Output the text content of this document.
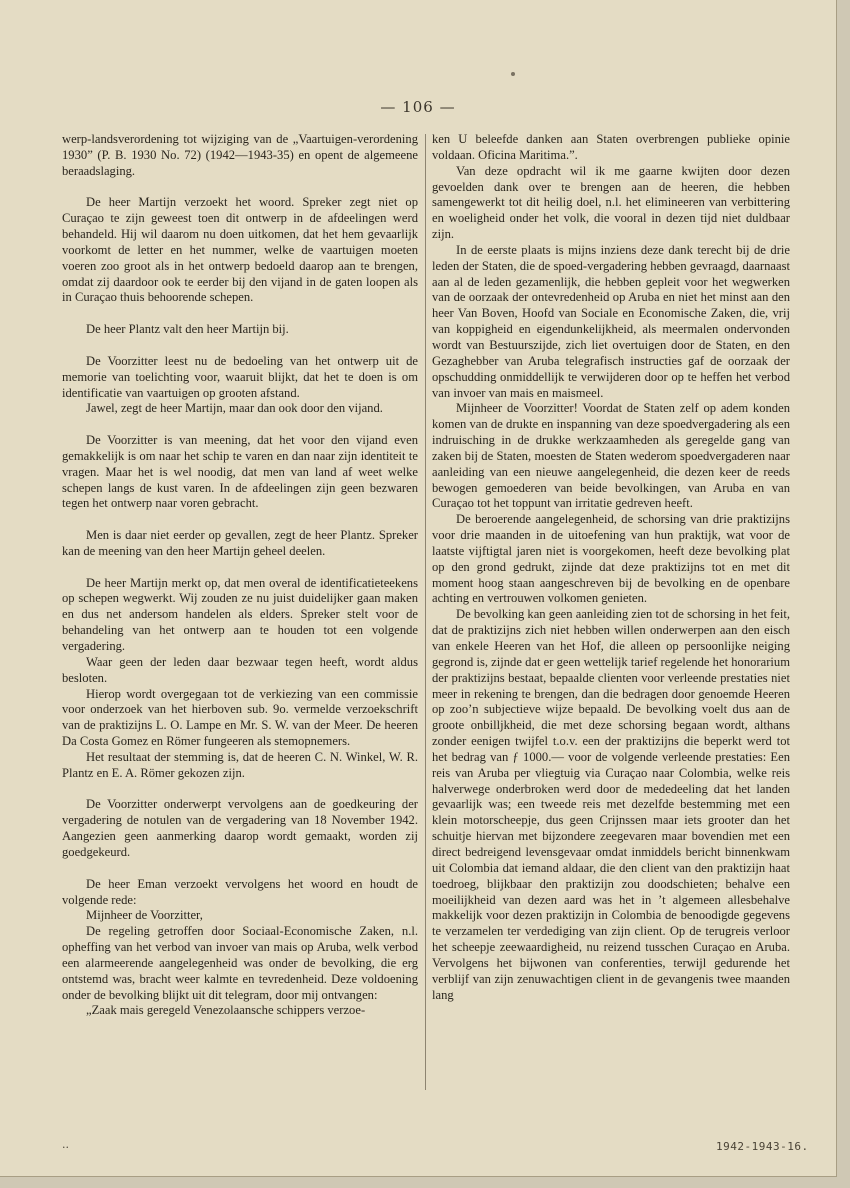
— 106 —

werp-landsverordening tot wijziging van de „Vaartuigen-verordening 1930” (P. B. 1930 No. 72) (1942—1943-35) en opent de algemeene beraadslaging.

De heer Martijn verzoekt het woord. Spreker zegt niet op Curaçao te zijn geweest toen dit ontwerp in de afdeelingen werd behandeld. Hij wil daarom nu doen uitkomen, dat het hem gevaarlijk voorkomt de letter en het nummer, welke de vaartuigen moeten voeren zoo groot als in het ontwerp bedoeld daarop aan te brengen, omdat zij daardoor ook te eerder bij den vijand in de gaten loopen als in Curaçao thuis behoorende schepen.

De heer Plantz valt den heer Martijn bij.

De Voorzitter leest nu de bedoeling van het ontwerp uit de memorie van toelichting voor, waaruit blijkt, dat het te doen is om identificatie van vaartuigen op grooten afstand.

Jawel, zegt de heer Martijn, maar dan ook door den vijand.

De Voorzitter is van meening, dat het voor den vijand even gemakkelijk is om naar het schip te varen en dan naar zijn identiteit te vragen. Maar het is wel noodig, dat men van land af weet welke schepen langs de kust varen. In de afdeelingen zijn geen bezwaren tegen het ontwerp naar voren gebracht.

Men is daar niet eerder op gevallen, zegt de heer Plantz. Spreker kan de meening van den heer Martijn geheel deelen.

De heer Martijn merkt op, dat men overal de identificatieteekens op schepen wegwerkt. Wij zouden ze nu juist duidelijker gaan maken en dus net andersom handelen als elders. Spreker stelt voor de behandeling van het ontwerp aan te houden tot een volgende vergadering.

Waar geen der leden daar bezwaar tegen heeft, wordt aldus besloten.

Hierop wordt overgegaan tot de verkiezing van een commissie voor onderzoek van het hierboven sub. 9o. vermelde verzoekschrift van de praktizijns L. O. Lampe en Mr. S. W. van der Meer. De heeren Da Costa Gomez en Römer fungeeren als stemopnemers.

Het resultaat der stemming is, dat de heeren C. N. Winkel, W. R. Plantz en E. A. Römer gekozen zijn.

De Voorzitter onderwerpt vervolgens aan de goedkeuring der vergadering de notulen van de vergadering van 18 November 1942. Aangezien geen aanmerking daarop wordt gemaakt, worden zij goedgekeurd.

De heer Eman verzoekt vervolgens het woord en houdt de volgende rede:

Mijnheer de Voorzitter,

De regeling getroffen door Sociaal-Economische Zaken, n.l. opheffing van het verbod van invoer van mais op Aruba, welk verbod een alarmeerende aangelegenheid was onder de bevolking, die erg ontstemd was, bracht weer kalmte en tevredenheid. Deze voldoening onder de bevolking blijkt uit dit telegram, door mij ontvangen:

„Zaak mais geregeld Venezolaansche schippers verzoe-

ken U beleefde danken aan Staten overbrengen publieke opinie voldaan. Oficina Maritima.”.

Van deze opdracht wil ik me gaarne kwijten door dezen gevoelden dank over te brengen aan de heeren, die hebben samengewerkt tot dit heilig doel, n.l. het elimineeren van verbittering en woeligheid onder het volk, die vooral in dezen tijd niet duldbaar zijn.

In de eerste plaats is mijns inziens deze dank terecht bij de drie leden der Staten, die de spoed-vergadering hebben gevraagd, daarnaast aan al de leden gezamenlijk, die hebben gepleit voor het wegwerken van de oorzaak der ontevredenheid op Aruba en niet het minst aan den heer Van Boven, Hoofd van Sociale en Economische Zaken, die, vrij van koppigheid en eigendunkelijkheid, als meermalen ondervonden wordt van Bestuurszijde, zich liet overtuigen door de Staten, en den Gezaghebber van Aruba telegrafisch instructies gaf de oorzaak der opschudding onmiddellijk te verwijderen door op te heffen het verbod van invoer van mais en maismeel.

Mijnheer de Voorzitter! Voordat de Staten zelf op adem konden komen van de drukte en inspanning van deze spoedvergadering als een indruisching in de drukke werkzaamheden als geregelde gang van zaken bij de Staten, moesten de Staten wederom spoedvergaderen naar aanleiding van een nieuwe aangelegenheid, die dezen keer de reeds bewogen gemoederen van beide bevolkingen, van Aruba en van Curaçao tot het toppunt van irritatie gedreven heeft.

De beroerende aangelegenheid, de schorsing van drie praktizijns voor drie maanden in de uitoefening van hun praktijk, wat voor de laatste vijftigtal jaren niet is voorgekomen, heeft deze bevolking plat op den grond gedrukt, zijnde dat deze praktizijns tot en met dit moment hoog staan aangeschreven bij de bevolking en de openbare achting en vertrouwen volkomen genieten.

De bevolking kan geen aanleiding zien tot de schorsing in het feit, dat de praktizijns zich niet hebben willen onderwerpen aan den eisch van enkele Heeren van het Hof, die alleen op persoonlijke neiging gegrond is, zijnde dat er geen wettelijk tarief regelende het honorarium der praktizijns bestaat, bepaalde clienten voor verleende prestaties niet meer in rekening te brengen, dan die bedragen door genoemde Heeren op zoo’n subjectieve wijze bepaald. De bevolking voelt dus aan de groote onbilljkheid, die met deze schorsing begaan wordt, althans zonder eenigen twijfel t.o.v. een der praktizijns die beperkt werd tot het bedrag van ƒ 1000.— voor de volgende verleende prestaties: Een reis van Aruba per vliegtuig via Curaçao naar Colombia, welke reis halverwege onderbroken werd door de mededeeling dat het landen gevaarlijk was; een tweede reis met dezelfde bestemming met een klein motorscheepje, dus geen Crijnssen maar iets grooter dan het schuitje hiervan met bijzondere zeegevaren maar bovendien met een direct bedreigend levensgevaar omdat inmiddels bericht binnenkwam uit Colombia dat iemand aldaar, die den client van den praktizijn haat toedroeg, blijkbaar den praktizijn zou doodschieten; behalve een moeilijkheid van dezen aard was het in ’t algemeen allesbehalve makkelijk voor dezen praktizijn in Colombia de benoodigde gegevens te verzamelen ter verdediging van zijn client. Op de terugreis verloor het scheepje zeewaardigheid, nu reizend tusschen Curaçao en Aruba. Vervolgens het bijwonen van conferenties, terwijl gedurende het verblijf van zijn zenuwachtigen client in de gevangenis twee maanden lang

..	1942-1943-16.
